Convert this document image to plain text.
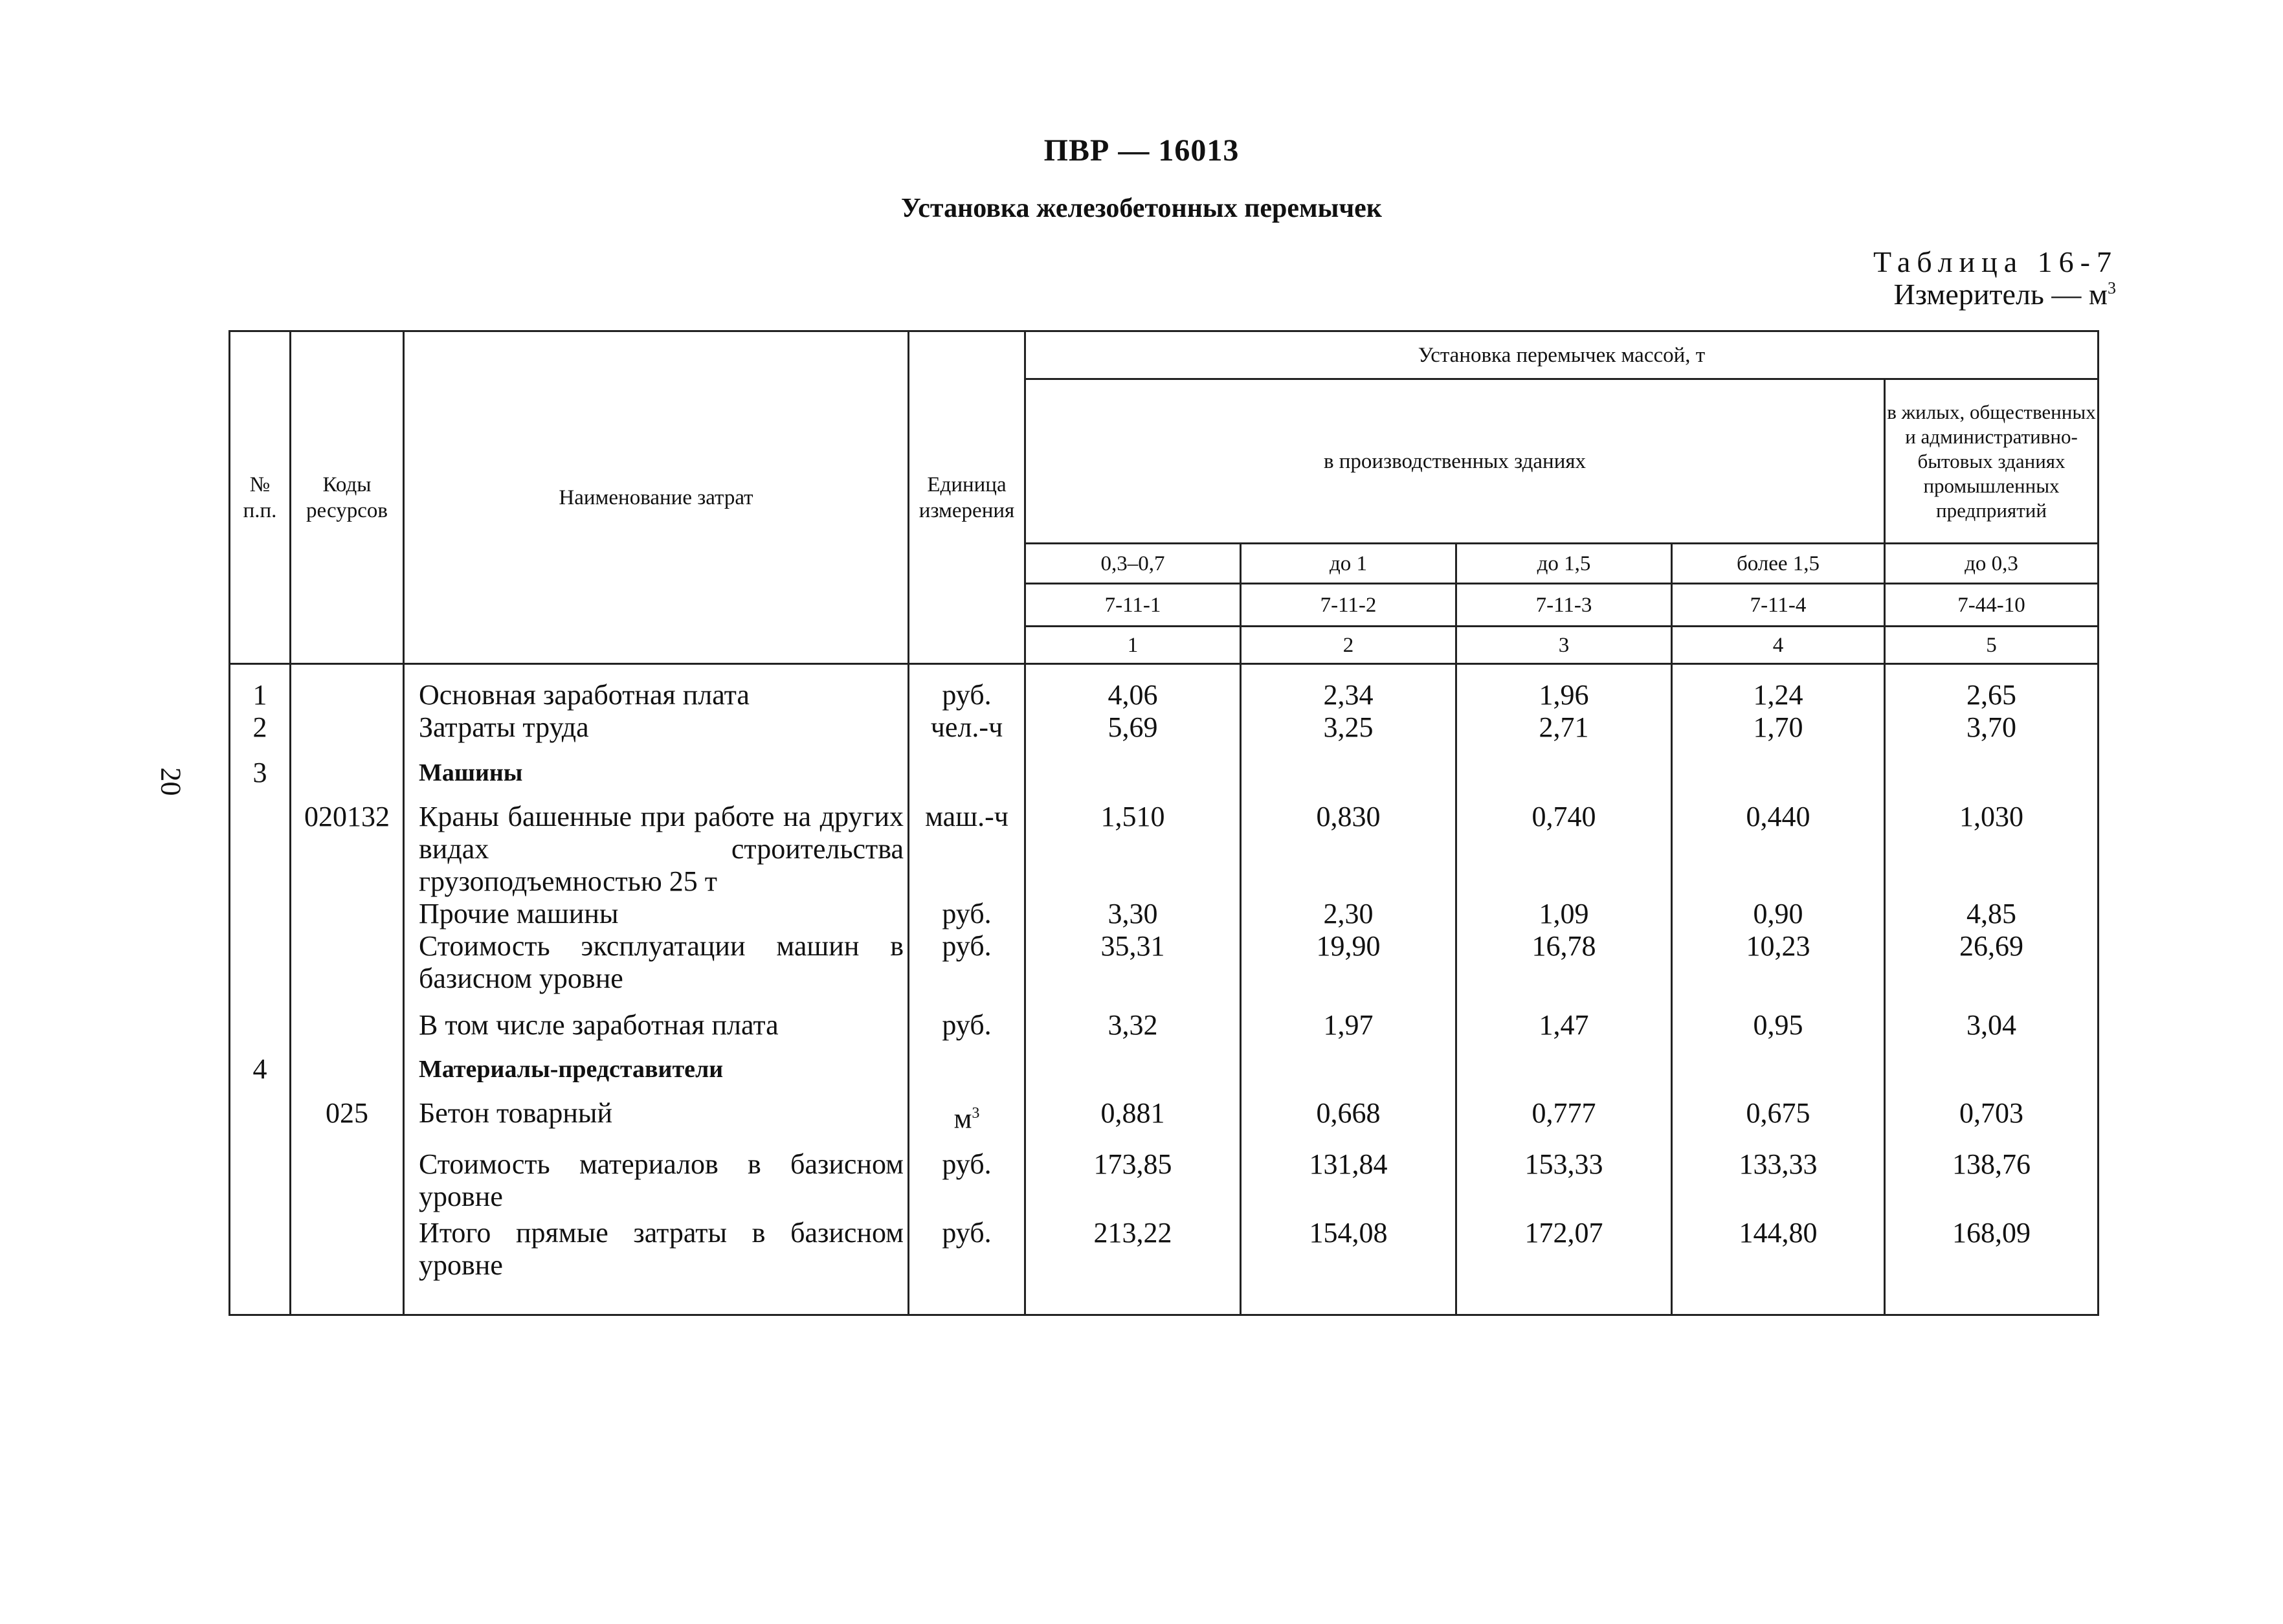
ПВР — 16013
Установка железобетонных перемычек
Таблица 16-7
Измеритель — $м^3$
20
№ п.п.	Коды ресурсов	Наименование затрат	Единица измерения	Установка перемычек массой, т				
				в производственных зданиях				в жилых, общественных и административно-бытовых зданиях промышленных предприятий
				0,3–0,7	до 1	до 1,5	более 1,5	до 0,3
				7-11-1	7-11-2	7-11-3	7-11-4	7-44-10
				1	2	3	4	5
1		Основная заработная плата	руб.	4,06	2,34	1,96	1,24	2,65
2		Затраты труда	чел.-ч	5,69	3,25	2,71	1,70	3,70
3		Машины						
	020132	Краны башенные при работе на других видах строительства грузоподъемностью 25 т	маш.-ч	1,510	0,830	0,740	0,440	1,030
		Прочие машины	руб.	3,30	2,30	1,09	0,90	4,85
		Стоимость эксплуатации машин в базисном уровне	руб.	35,31	19,90	16,78	10,23	26,69
		В том числе заработная плата	руб.	3,32	1,97	1,47	0,95	3,04
4		Материалы-представители						
	025	Бетон товарный	$м^3$	0,881	0,668	0,777	0,675	0,703
		Стоимость материалов в базисном уровне	руб.	173,85	131,84	153,33	133,33	138,76
		Итого прямые затраты в базисном уровне	руб.	213,22	154,08	172,07	144,80	168,09
